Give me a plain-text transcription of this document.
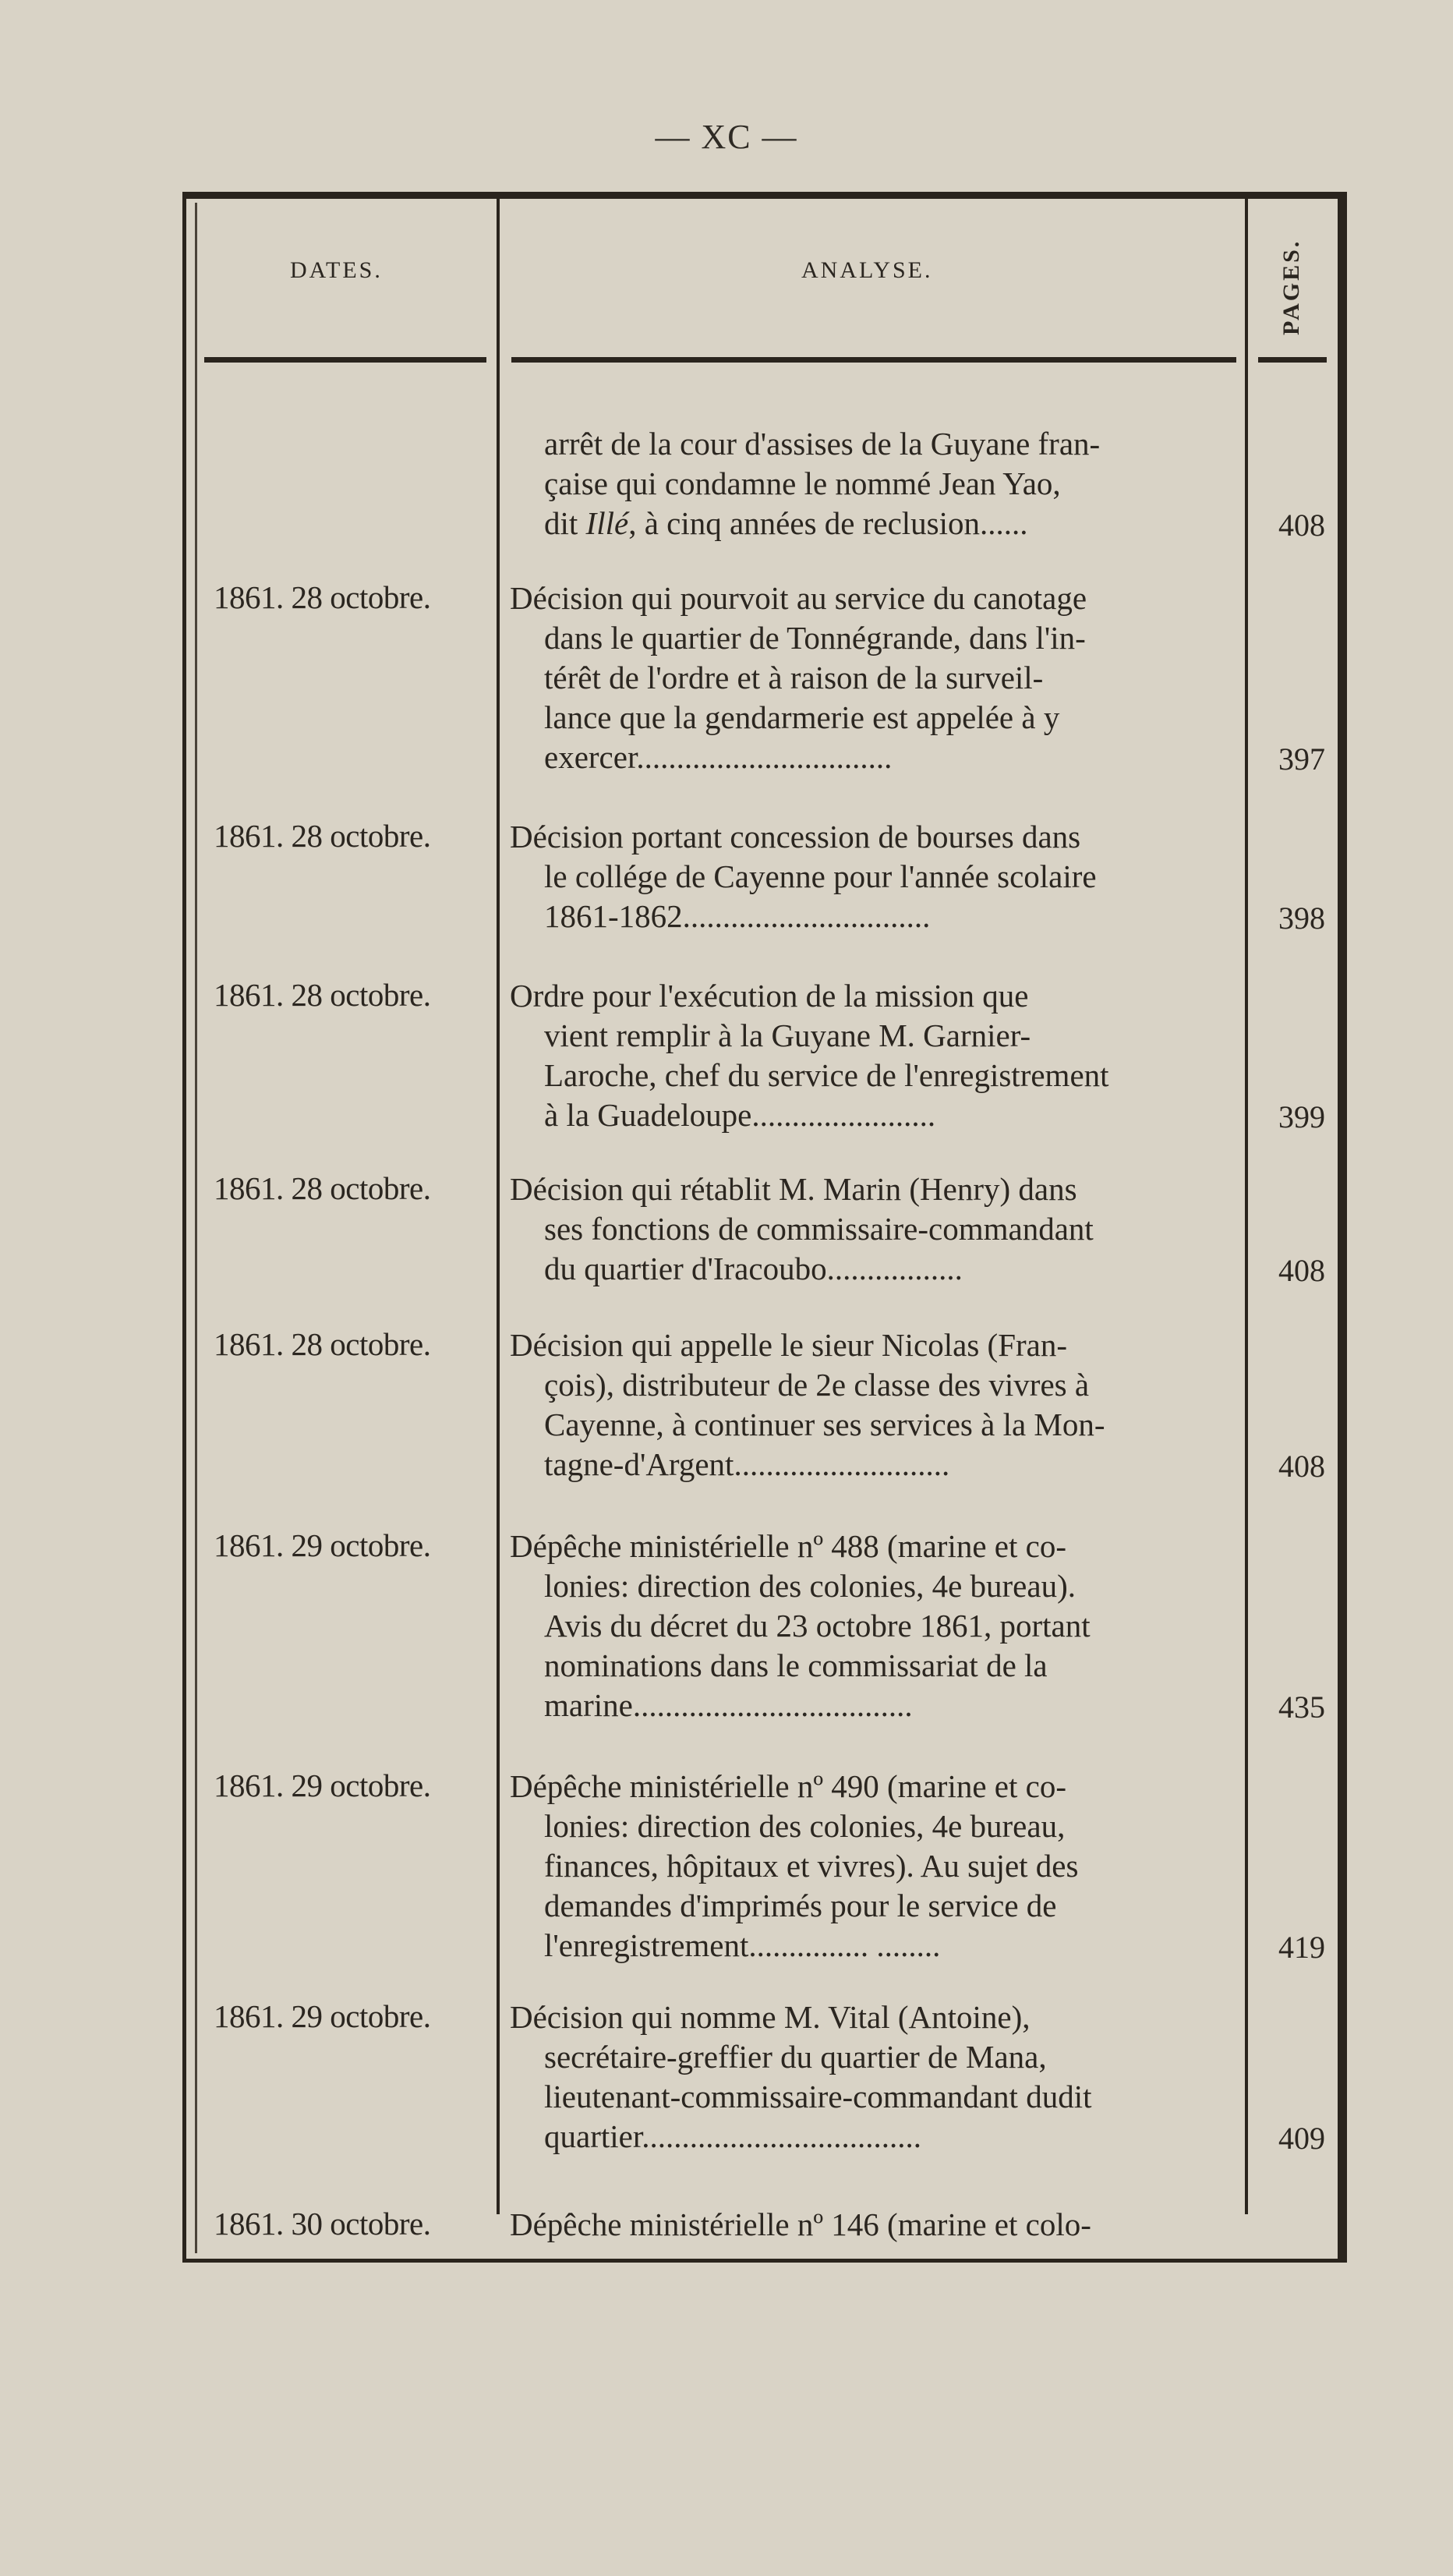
— XC —
DATES.	ANALYSE.	PAGES.
arrêt de la cour d'assises de la Guyane fran-
çaise qui condamne le nommé Jean Yao,
dit Illé, à cinq années de reclusion......	408
1861. 28 octobre. Décision qui pourvoit au service du canotage
dans le quartier de Tonnégrande, dans l'in-
térêt de l'ordre et à raison de la surveil-
lance que la gendarmerie est appelée à y
exercer................................	397
1861. 28 octobre. Décision portant concession de bourses dans
le collége de Cayenne pour l'année scolaire
1861-1862...............................	398
1861. 28 octobre. Ordre pour l'exécution de la mission que
vient remplir à la Guyane M. Garnier-
Laroche, chef du service de l'enregistrement
à la Guadeloupe.......................	399
1861. 28 octobre. Décision qui rétablit M. Marin (Henry) dans
ses fonctions de commissaire-commandant
du quartier d'Iracoubo.................	408
1861. 28 octobre. Décision qui appelle le sieur Nicolas (Fran-
çois), distributeur de 2e classe des vivres à
Cayenne, à continuer ses services à la Mon-
tagne-d'Argent...........................	408
1861. 29 octobre. Dépêche ministérielle nº 488 (marine et co-
lonies: direction des colonies, 4e bureau).
Avis du décret du 23 octobre 1861, portant
nominations dans le commissariat de la
marine...................................	435
1861. 29 octobre. Dépêche ministérielle nº 490 (marine et co-
lonies: direction des colonies, 4e bureau,
finances, hôpitaux et vivres). Au sujet des
demandes d'imprimés pour le service de
l'enregistrement............... ........	419
1861. 29 octobre. Décision qui nomme M. Vital (Antoine),
secrétaire-greffier du quartier de Mana,
lieutenant-commissaire-commandant dudit
quartier...................................	409
1861. 30 octobre. Dépêche ministérielle nº 146 (marine et colo-
